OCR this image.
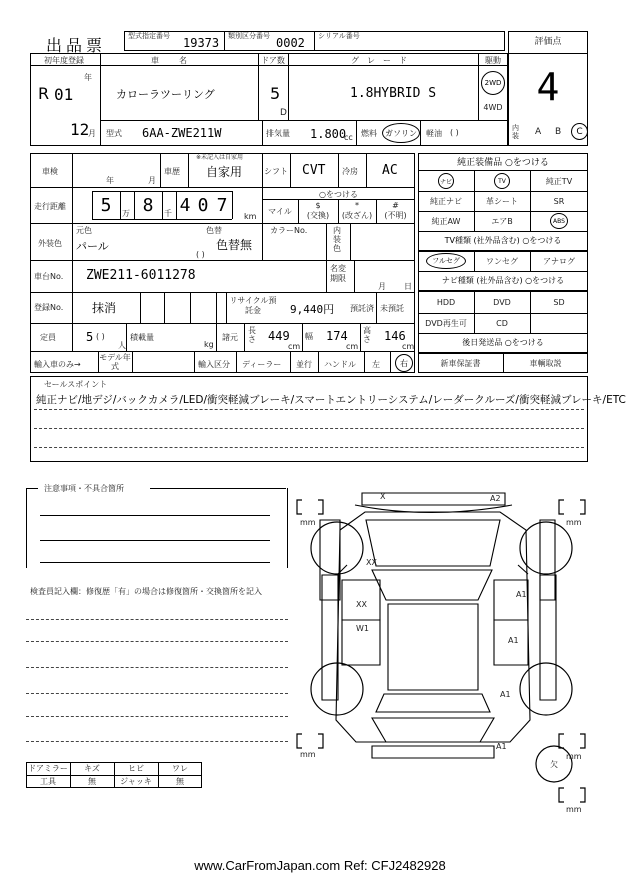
出品票	型式指定番号 19373 類別区分番号 0002 シリアル番号
評価点
4
初年度登録
R 01
年
12
月
車名
カローラツーリング
ドア数
5
D
グレード
1.8HYBRID S
駆動
2WD
4WD
型式 6AA-ZWE211W	排気量 1.800
cc 燃料 ガソリン 軽油 ( )	内装	A B C
車検
年	月
車歴
※未記入は自家用
自家用	シフト CVT 冷房 AC
走行距離	5	万 8	千 4 0 7
km
○をつける
マイル
$
(交換)
*
(改ざん)
#
(不明)
外装色
元色
パール
色替
色替無
( )
カラーNo.	内装色
車台No. ZWE211-6011278	名変期限
月 日
登録No. 抹消
リサイクル預託金	9,440円 預託済 未預託
定員	5 ( )
人
積載量
kg
諸元
長さ 449
cm
幅 174
cm
高さ 146
cm
輸入車のみ→
モデル年式	輸入区分 ディーラー 並行 ハンドル 左	右
純正装備品 ○をつける
ナビ	TV	純正TV
純正ナビ	革シート	SR
純正AW	エアB	ABS
TV種類 (社外品含む) ○をつける
フルセグ	ワンセグ	アナログ
ナビ種類 (社外品含む) ○をつける
HDD	DVD	SD
DVD再生可	CD
後日発送品 ○をつける
新車保証書	車輌取説
セールスポイント
純正ナビ/地デジ/バックカメラ/LED/衝突軽減ブレーキ/スマートエントリーシステム/レーダークルーズ/衝突軽減ブレーキ/ETC
注意事項・不具合箇所
検査員記入欄：修復歴「有」の場合は修復箇所・交換箇所を記入
ドアミラー	キズ	ヒビ	ワレ
工具	無	ジャッキ	無
mm	mm
mm	mm
mm
欠
X	A2
XX
XX
W1
A1
A1
A1
A1
www.CarFromJapan.com Ref: CFJ2482928
